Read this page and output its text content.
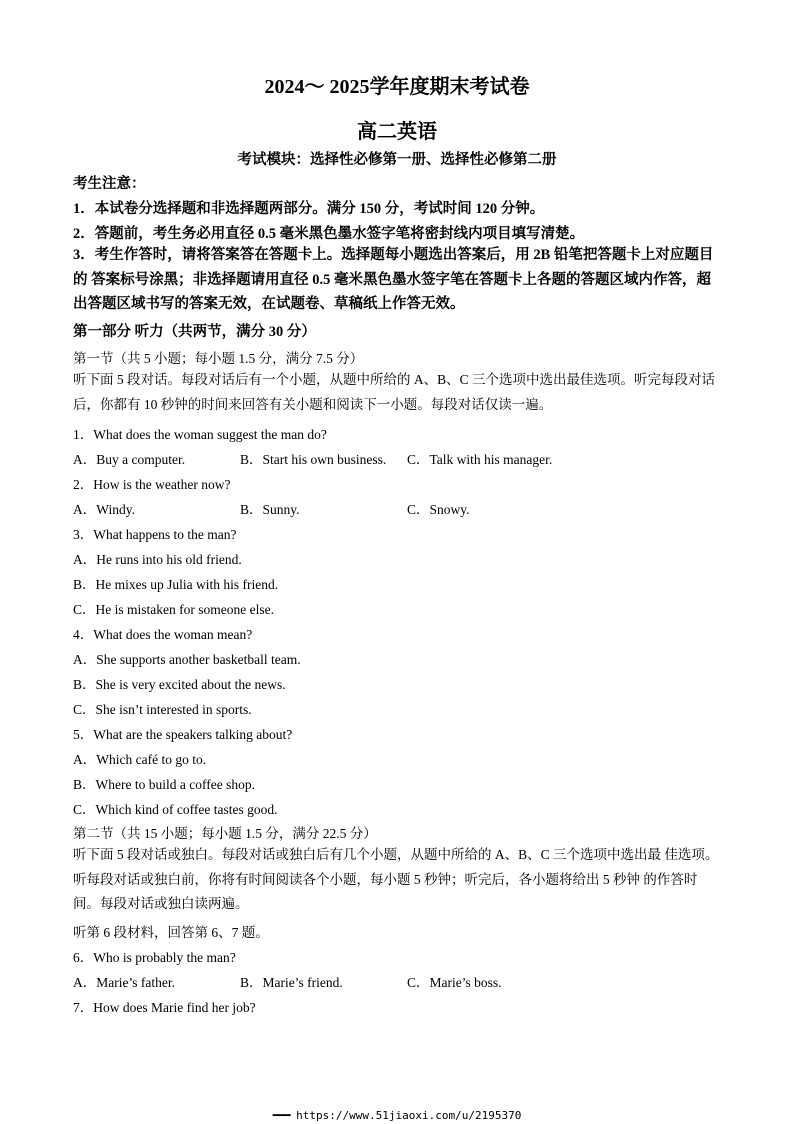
2024～ 2025学年度期末考试卷
高二英语
考试模块：选择性必修第一册、选择性必修第二册
考生注意：
1．本试卷分选择题和非选择题两部分。满分 150 分，考试时间 120 分钟。
2．答题前，考生务必用直径 0.5 毫米黑色墨水签字笔将密封线内项目填写清楚。
3．考生作答时，请将答案答在答题卡上。选择题每小题选出答案后，用 2B 铅笔把答题卡上对应题目的 答案标号涂黑；非选择题请用直径 0.5 毫米黑色墨水签字笔在答题卡上各题的答题区域内作答，超 出答题区域书写的答案无效，在试题卷、草稿纸上作答无效。
第一部分 听力（共两节，满分 30 分）
第一节（共 5 小题；每小题 1.5 分，满分 7.5 分）
听下面 5 段对话。每段对话后有一个小题，从题中所给的 A、B、C 三个选项中选出最佳选项。听完每段对话后，你都有 10 秒钟的时间来回答有关小题和阅读下一小题。每段对话仅读一遍。
1．What does the woman suggest the man do?
A．Buy a computer.	B．Start his own business. C．Talk with his manager.
2．How is the weather now?
A．Windy.	B．Sunny.	C．Snowy.
3．What happens to the man?
A．He runs into his old friend.
B．He mixes up Julia with his friend.
C．He is mistaken for someone else.
4．What does the woman mean?
A．She supports another basketball team.
B．She is very excited about the news.
C．She isn’t interested in sports.
5．What are the speakers talking about?
A．Which café to go to.
B．Where to build a coffee shop.
C．Which kind of coffee tastes good.
第二节（共 15 小题；每小题 1.5 分，满分 22.5 分）
听下面 5 段对话或独白。每段对话或独白后有几个小题，从题中所给的 A、B、C 三个选项中选出最 佳选项。听每段对话或独白前，你将有时间阅读各个小题，每小题 5 秒钟；听完后，各小题将给出 5 秒钟 的作答时间。每段对话或独白读两遍。
听第 6 段材料，回答第 6、7 题。
6．Who is probably the man?
A．Marie’s father.	B．Marie’s friend.	C．Marie’s boss.
7．How does Marie find her job?
━━━ https://www.51jiaoxi.com/u/2195370
